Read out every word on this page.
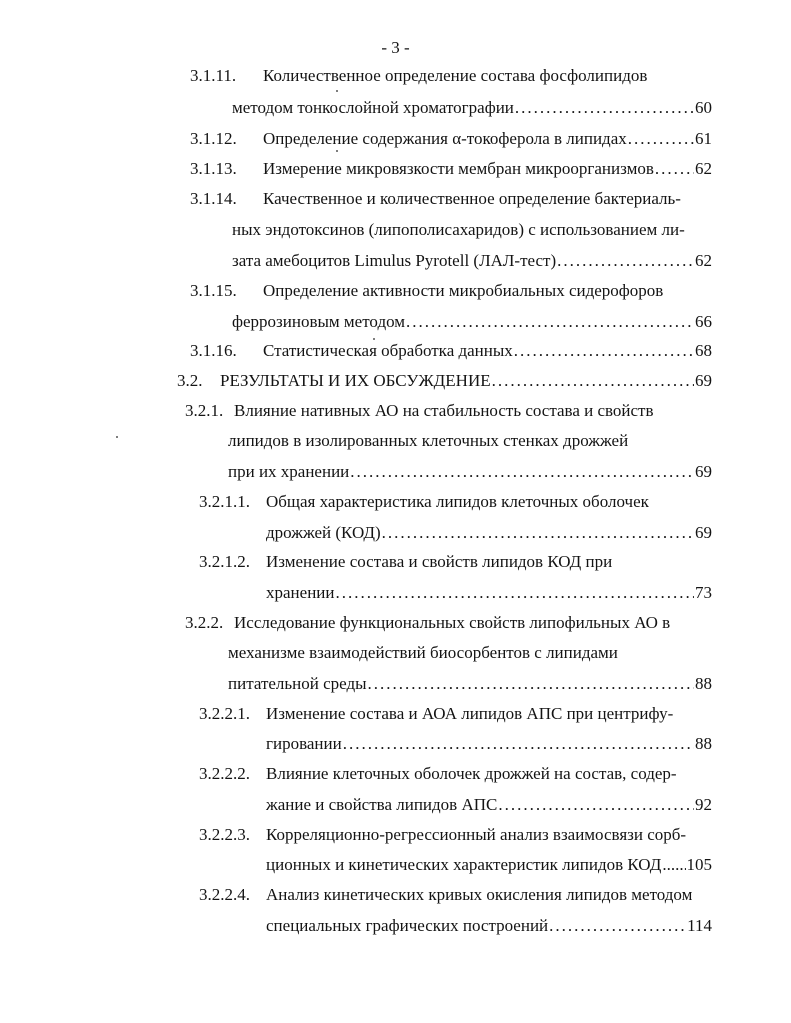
- 3 -
3.1.11. Количественное определение состава фосфолипидов
методом тонкослойной хроматографии .....	60
3.1.12. Определение содержания α-токоферола в липидах .....	61
3.1.13. Измерение микровязкости мембран микроорганизмов ..... 62
3.1.14. Качественное и количественное определение бактериаль-
ных эндотоксинов (липополисахаридов) с использованием ли-
зата амебоцитов Limulus Pyrotell (ЛАЛ-тест) .....	62
3.1.15. Определение активности микробиальных сидерофоров
феррозиновым методом .....	66
3.1.16. Статистическая обработка данных .....	68
3.2. РЕЗУЛЬТАТЫ И ИХ ОБСУЖДЕНИЕ .....	69
3.2.1. Влияние нативных АО на стабильность состава и свойств
липидов в изолированных клеточных стенках дрожжей
при их хранении .....	69
3.2.1.1. Общая характеристика липидов клеточных оболочек
дрожжей (КОД) .....	69
3.2.1.2. Изменение состава и свойств липидов КОД при
хранении .....	73
3.2.2. Исследование функциональных свойств липофильных АО в
механизме взаимодействий биосорбентов с липидами
питательной среды .....	88
3.2.2.1. Изменение состава и АОА липидов АПС при центрифу-
гировании .....	88
3.2.2.2. Влияние клеточных оболочек дрожжей на состав, содер-
жание и свойства липидов АПС .....	92
3.2.2.3. Корреляционно-регрессионный анализ взаимосвязи сорб-
ционных и кинетических характеристик липидов КОД ..... 105
3.2.2.4. Анализ кинетических кривых окисления липидов методом
специальных графических построений .....	114
